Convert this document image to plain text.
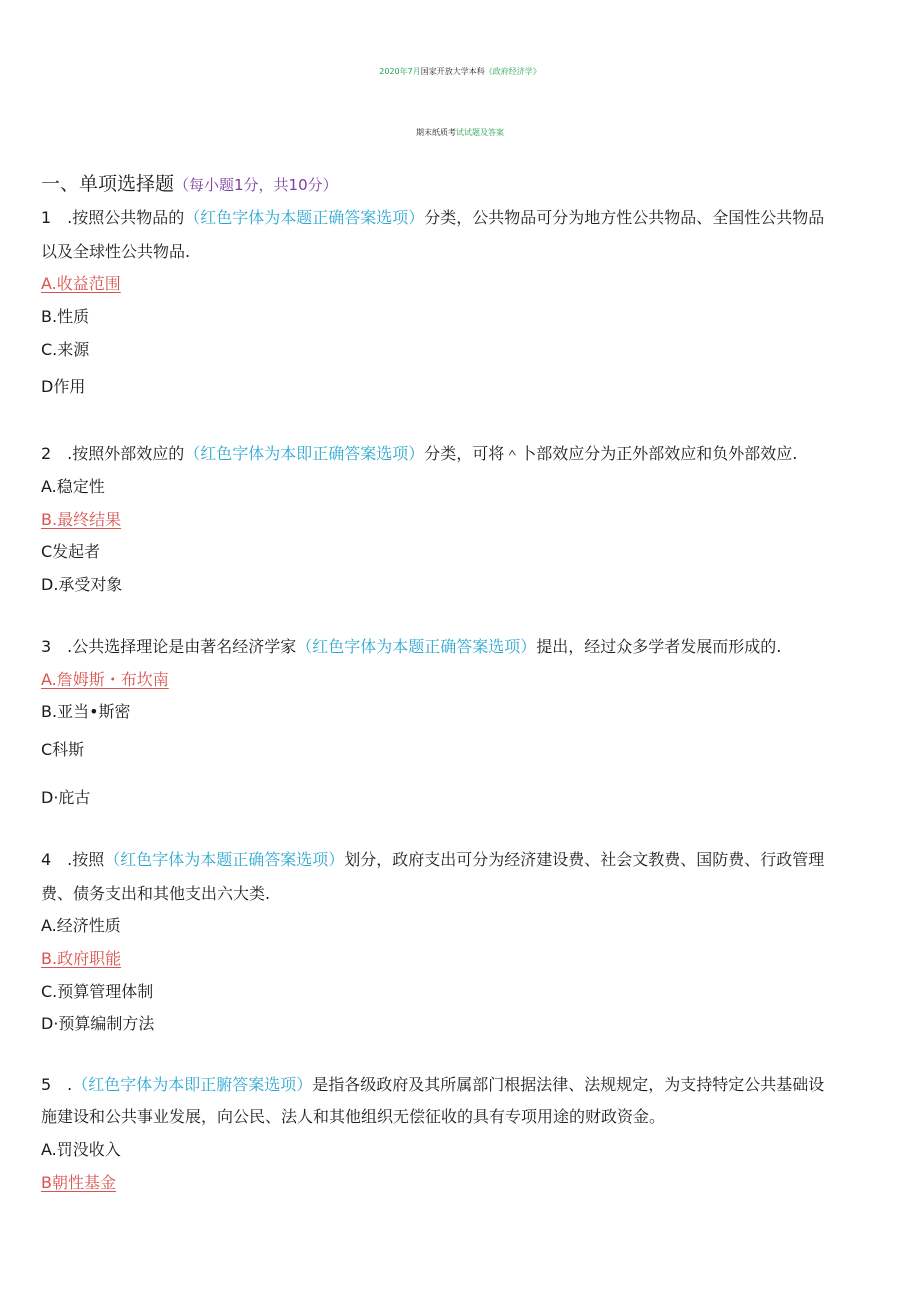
2020年7月国家开放大学本科《政府经济学》
期末纸质考试试题及答案
一、单项选择题（每小题1分，共10分）
1　.按照公共物品的（红色字体为本题正确答案选项）分类，公共物品可分为地方性公共物品、全国性公共物品
以及全球性公共物品.
A.收益范围
B.性质
C.来源
D作用
2　.按照外部效应的（红色字体为本即正确答案选项）分类，可将＾卜部效应分为正外部效应和负外部效应.
A.稳定性
B.最终结果
C发起者
D.承受对象
3　.公共选择理论是由著名经济学家（红色字体为本题正确答案选项）提出，经过众多学者发展而形成的.
A.詹姆斯・布坎南
B.亚当•斯密
C科斯
D·庇古
4　.按照（红色字体为本题正确答案选项）划分，政府支出可分为经济建设费、社会文教费、国防费、行政管理
费、债务支出和其他支出六大类.
A.经济性质
B.政府职能
C.预算管理体制
D·预算编制方法
5　.（红色字体为本即正腑答案选项）是指各级政府及其所属部门根据法律、法规规定，为支持特定公共基础设
施建设和公共事业发展，向公民、法人和其他组织无偿征收的具有专项用途的财政资金。
A.罚没收入
B朝性基金
